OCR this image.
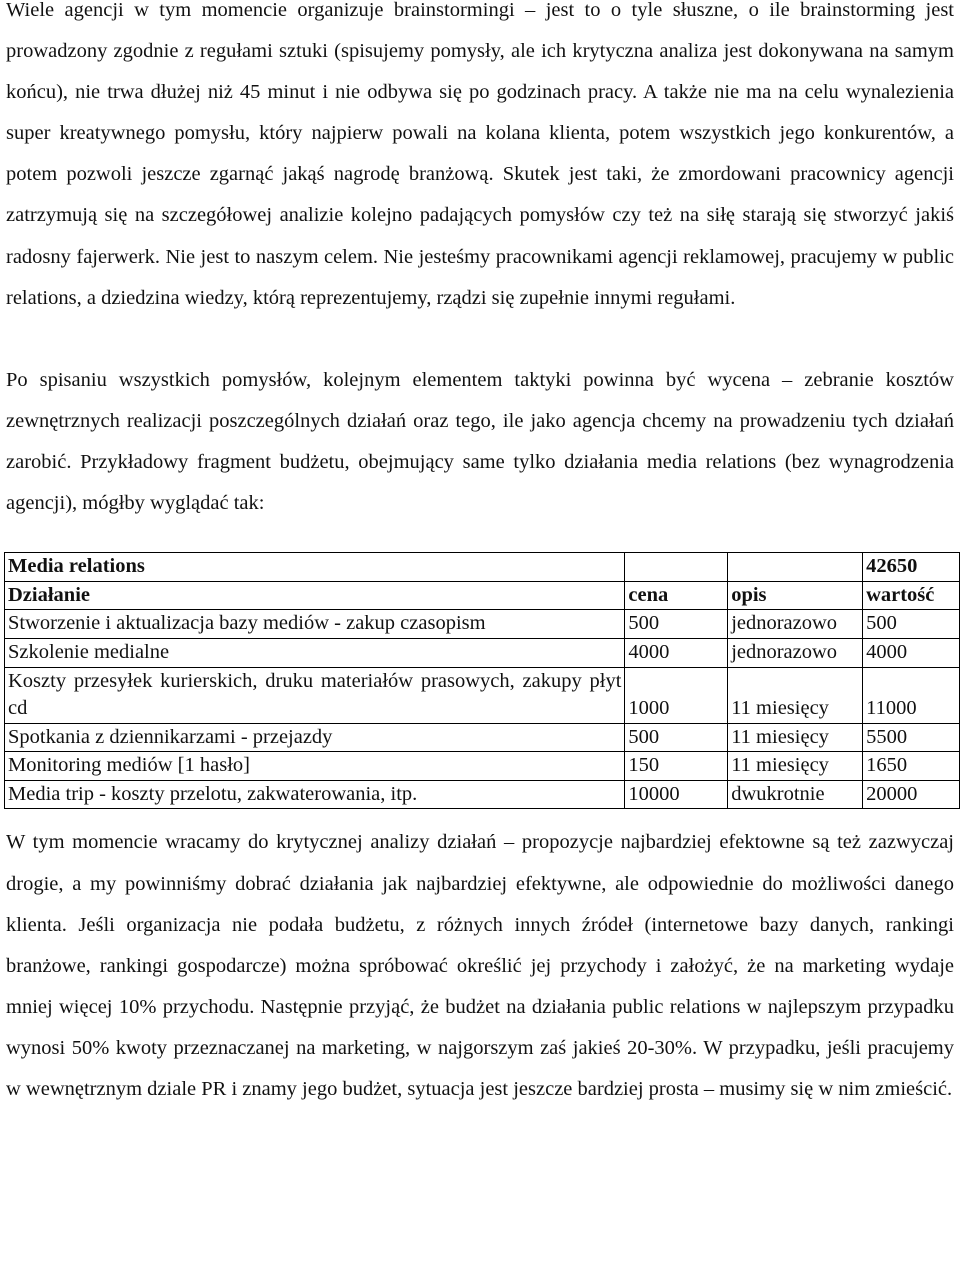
Wiele agencji w tym momencie organizuje brainstormingi – jest to o tyle słuszne, o ile brainstorming jest prowadzony zgodnie z regułami sztuki (spisujemy pomysły, ale ich krytyczna analiza jest dokonywana na samym końcu), nie trwa dłużej niż 45 minut i nie odbywa się po godzinach pracy. A także nie ma na celu wynalezienia super kreatywnego pomysłu, który najpierw powali na kolana klienta, potem wszystkich jego konkurentów, a potem pozwoli jeszcze zgarnąć jakąś nagrodę branżową. Skutek jest taki, że zmordowani pracownicy agencji zatrzymują się na szczegółowej analizie kolejno padających pomysłów czy też na siłę starają się stworzyć jakiś radosny fajerwerk. Nie jest to naszym celem. Nie jesteśmy pracownikami agencji reklamowej, pracujemy w public relations, a dziedzina wiedzy, którą reprezentujemy, rządzi się zupełnie innymi regułami.

Po spisaniu wszystkich pomysłów, kolejnym elementem taktyki powinna być wycena – zebranie kosztów zewnętrznych realizacji poszczególnych działań oraz tego, ile jako agencja chcemy na prowadzeniu tych działań zarobić. Przykładowy fragment budżetu, obejmujący same tylko działania media relations (bez wynagrodzenia agencji), mógłby wyglądać tak:

Media relations			42650
Działanie	cena	opis	wartość
Stworzenie i aktualizacja bazy mediów - zakup czasopism	500	jednorazowo	500
Szkolenie medialne	4000	jednorazowo	4000
Koszty przesyłek kurierskich, druku materiałów prasowych, zakupy płyt cd	1000	11 miesięcy	11000
Spotkania z dziennikarzami - przejazdy	500	11 miesięcy	5500
Monitoring mediów [1 hasło]	150	11 miesięcy	1650
Media trip - koszty przelotu, zakwaterowania, itp.	10000	dwukrotnie	20000

W tym momencie wracamy do krytycznej analizy działań – propozycje najbardziej efektowne są też zazwyczaj drogie, a my powinniśmy dobrać działania jak najbardziej efektywne, ale odpowiednie do możliwości danego klienta. Jeśli organizacja nie podała budżetu, z różnych innych źródeł (internetowe bazy danych, rankingi branżowe, rankingi gospodarcze) można spróbować określić jej przychody i założyć, że na marketing wydaje mniej więcej 10% przychodu. Następnie przyjąć, że budżet na działania public relations w najlepszym przypadku wynosi 50% kwoty przeznaczanej na marketing, w najgorszym zaś jakieś 20-30%. W przypadku, jeśli pracujemy w wewnętrznym dziale PR i znamy jego budżet, sytuacja jest jeszcze bardziej prosta – musimy się w nim zmieścić.
